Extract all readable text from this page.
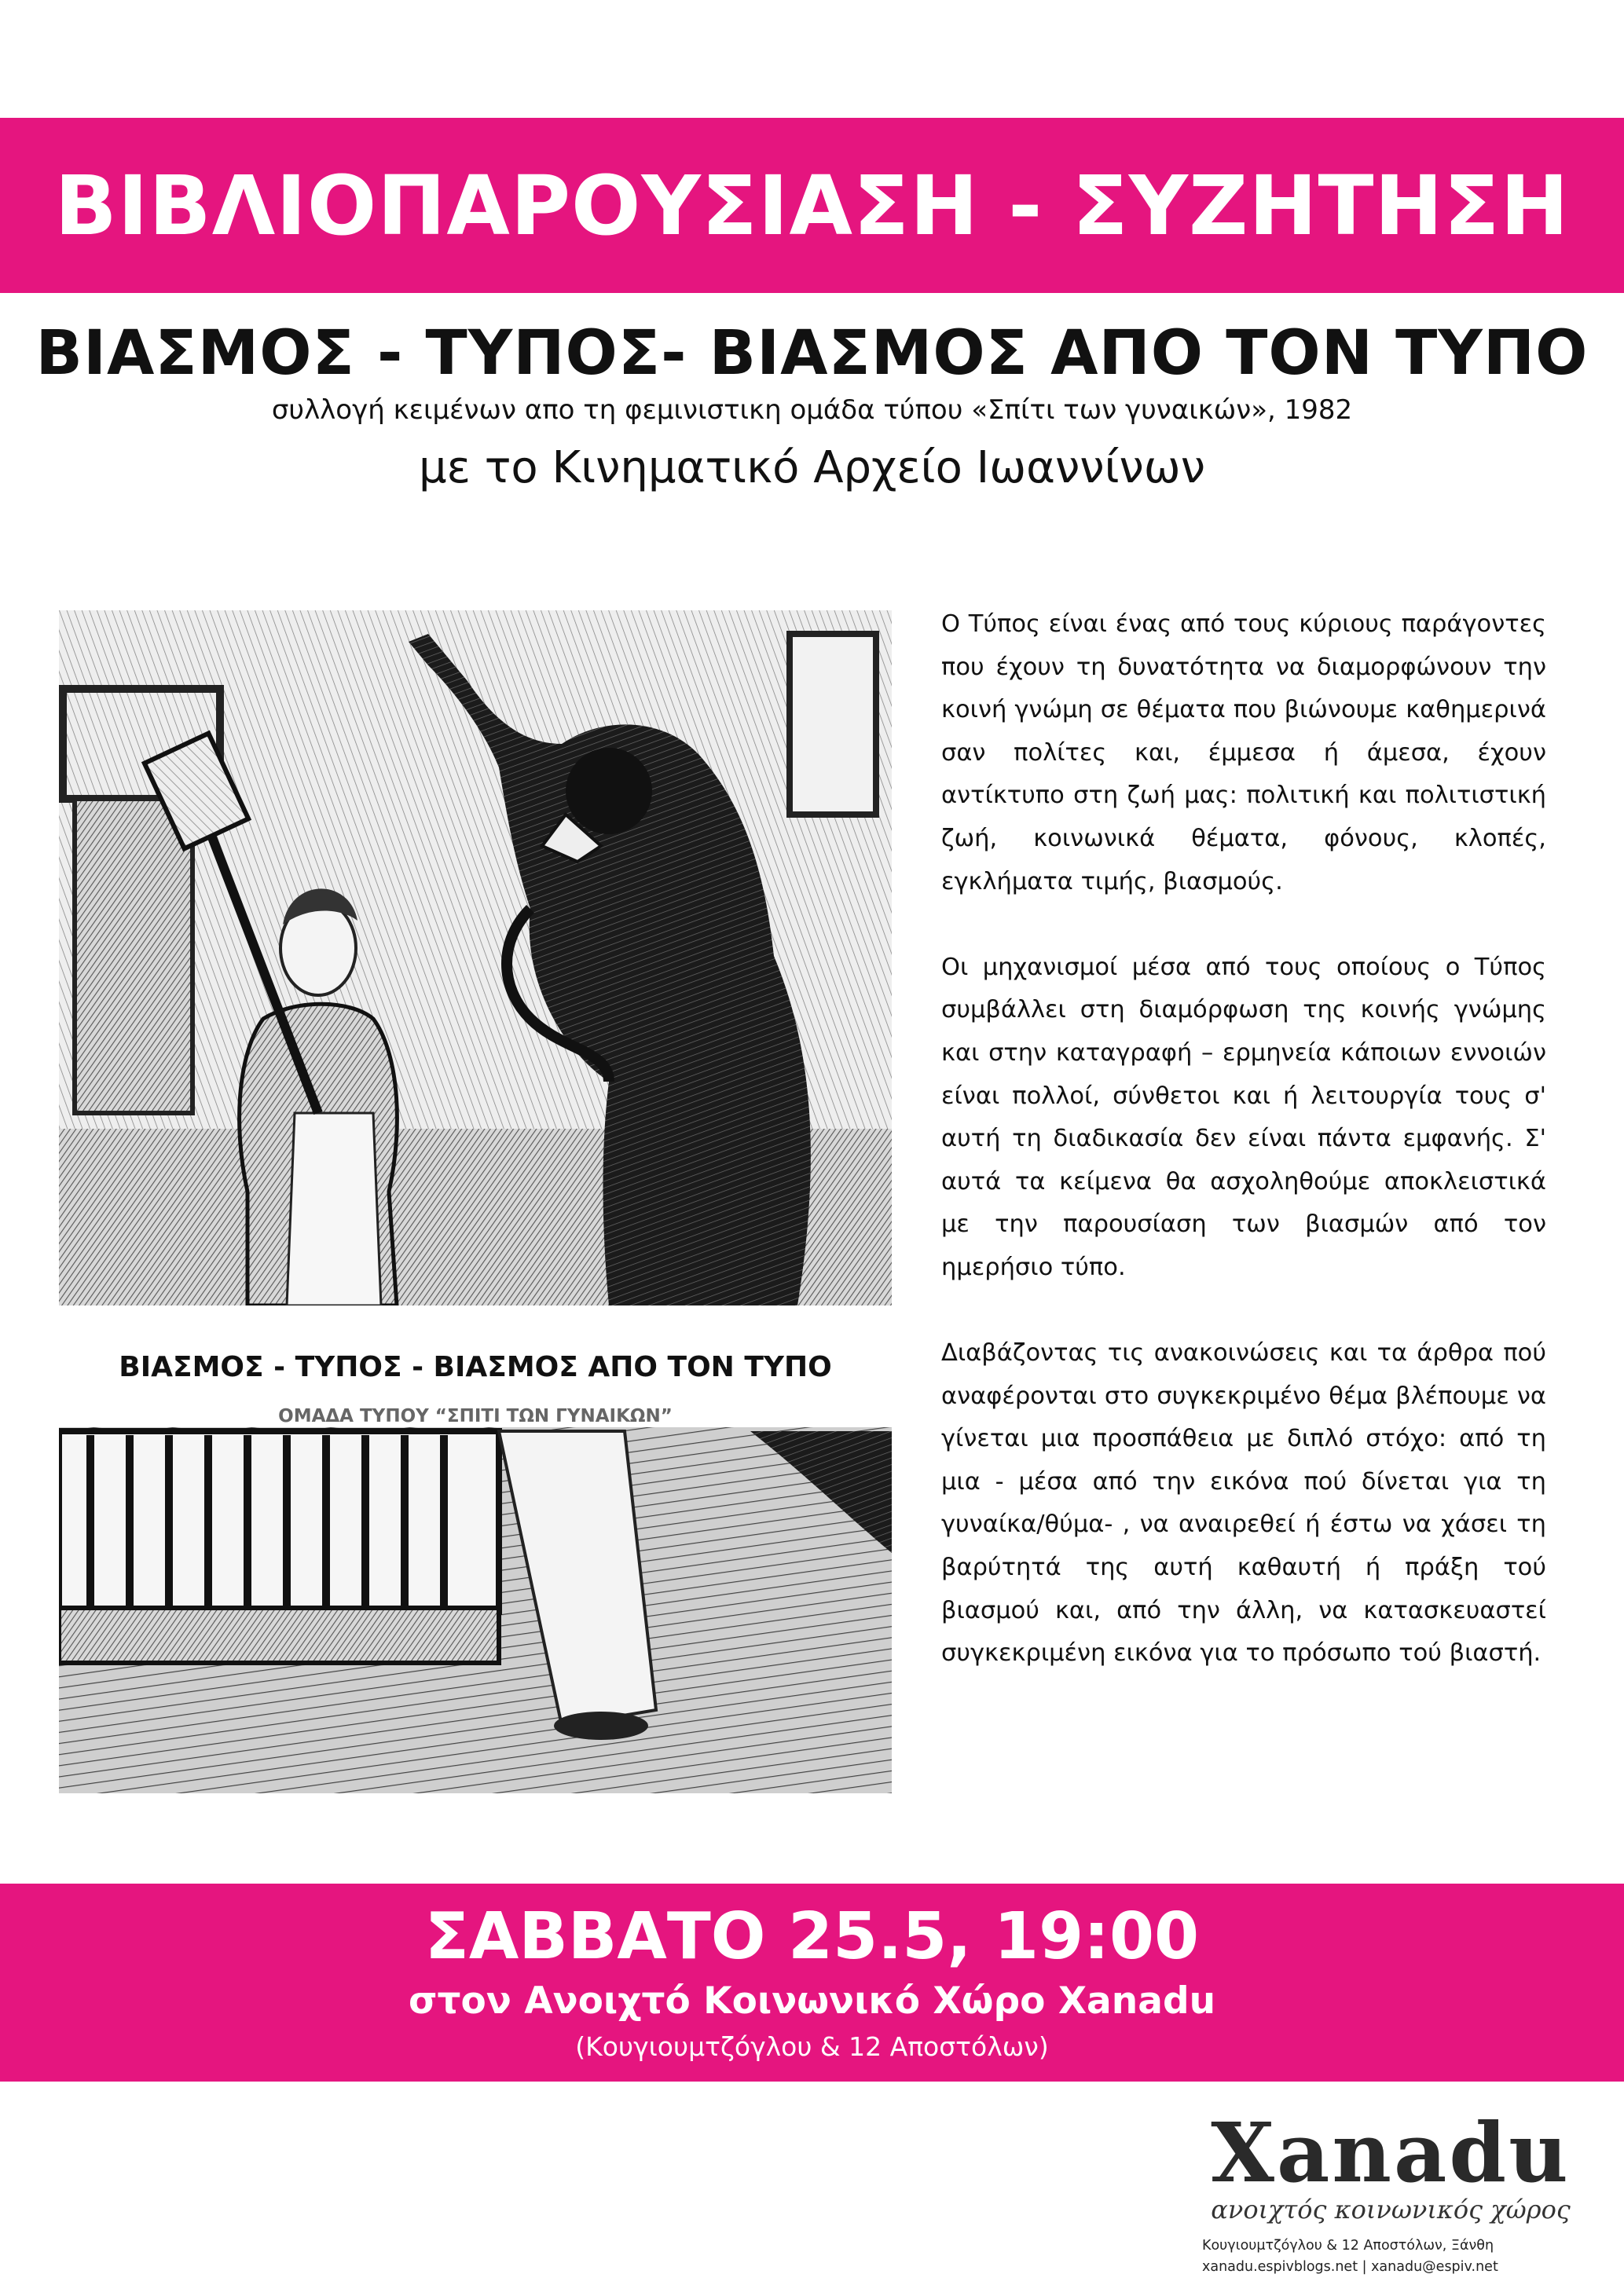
ΒΙΒΛΙΟΠΑΡΟΥΣΙΑΣΗ - ΣΥΖΗΤΗΣΗ
ΒΙΑΣΜΟΣ - ΤΥΠΟΣ- ΒΙΑΣΜΟΣ ΑΠΟ ΤΟΝ ΤΥΠΟ
συλλογή κειμένων απο τη φεμινιστικη ομάδα τύπου «Σπίτι των γυναικών», 1982
με το Κινηματικό Αρχείο Ιωαννίνων
ΒΙΑΣΜΟΣ - ΤΥΠΟΣ - ΒΙΑΣΜΟΣ ΑΠΟ ΤΟΝ ΤΥΠΟ
ΟΜΑΔΑ ΤΥΠΟΥ “ΣΠΙΤΙ ΤΩΝ ΓΥΝΑΙΚΩΝ”

Ο Τύπος είναι ένας από τους κύριους παράγοντες που έχουν τη δυνατότητα να διαμορφώνουν την κοινή γνώμη σε θέματα που βιώνουμε καθημερινά σαν πολίτες και, έμμεσα ή άμεσα, έχουν αντίκτυπο στη ζωή μας: πολιτική και πολιτιστική ζωή, κοινωνικά θέματα, φόνους, κλοπές, εγκλήματα τιμής, βιασμούς.

Οι μηχανισμοί μέσα από τους οποίους ο Τύπος συμβάλλει στη διαμόρφωση της κοινής γνώμης και στην καταγραφή – ερμηνεία κάποιων εννοιών είναι πολλοί, σύνθετοι και ή λειτουργία τους σ' αυτή τη διαδικασία δεν είναι πάντα εμφανής. Σ' αυτά τα κείμενα θα ασχοληθούμε αποκλειστικά με την παρουσίαση των βιασμών από τον ημερήσιο τύπο.

Διαβάζοντας τις ανακοινώσεις και τα άρθρα πού αναφέρονται στο συγκεκριμένο θέμα βλέπουμε να γίνεται μια προσπάθεια με διπλό στόχο: από τη μια - μέσα από την εικόνα πού δίνεται για τη γυναίκα/θύμα- , να αναιρεθεί ή έστω να χάσει τη βαρύτητά της αυτή καθαυτή ή πράξη τού βιασμού και, από την άλλη, να κατασκευαστεί συγκεκριμένη εικόνα για το πρόσωπο τού βιαστή.

ΣΑΒΒΑΤΟ 25.5, 19:00
στον Ανοιχτό Κοινωνικό Χώρο Xanadu
(Κουγιουμτζόγλου & 12 Αποστόλων)
Xanadu
ανοιχτός κοινωνικός χώρος
Κουγιουμτζόγλου & 12 Αποστόλων, Ξάνθη
xanadu.espivblogs.net | xanadu@espiv.net
